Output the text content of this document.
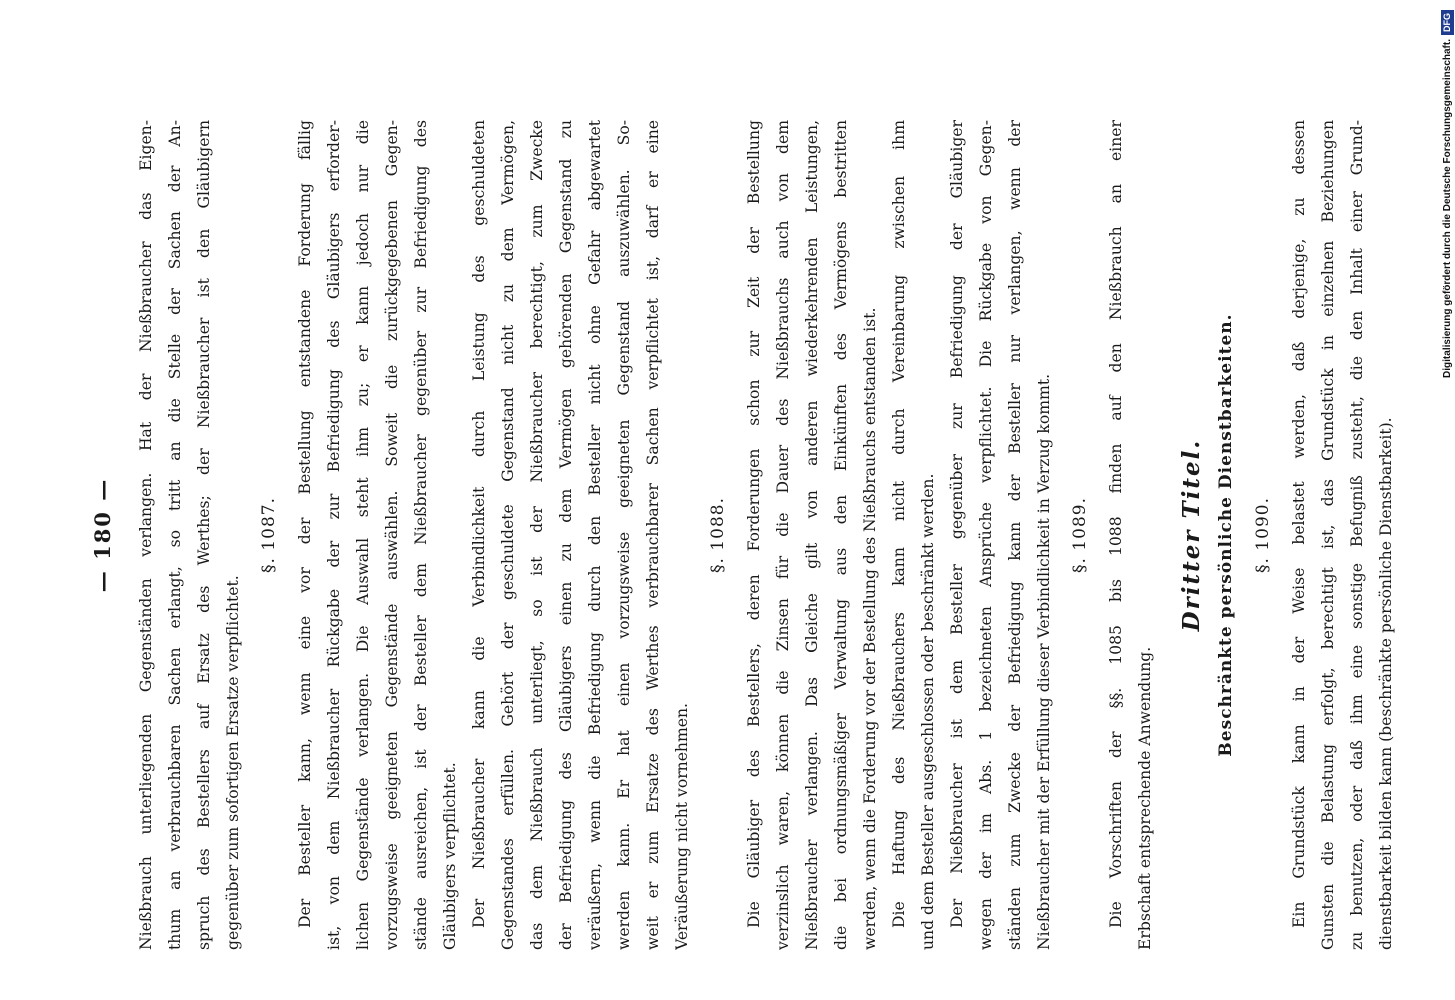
— 180 —	Nießbrauch unterliegenden Gegenständen verlangen. Hat der Nießbraucher das Eigen- thum an verbrauchbaren Sachen erlangt, so tritt an die Stelle der Sachen der An- spruch des Bestellers auf Ersatz des Werthes; der Nießbraucher ist den Gläubigern gegenüber zum sofortigen Ersatze verpflichtet.

§. 1087.	Der Besteller kann, wenn eine vor der Bestellung entstandene Forderung fällig ist, von dem Nießbraucher Rückgabe der zur Befriedigung des Gläubigers erforder- lichen Gegenstände verlangen. Die Auswahl steht ihm zu; er kann jedoch nur die vorzugsweise geeigneten Gegenstände auswählen. Soweit die zurückgegebenen Gegen- stände ausreichen, ist der Besteller dem Nießbraucher gegenüber zur Befriedigung des Gläubigers verpflichtet. Der Nießbraucher kann die Verbindlichkeit durch Leistung des geschuldeten Gegenstandes erfüllen. Gehört der geschuldete Gegenstand nicht zu dem Vermögen, das dem Nießbrauch unterliegt, so ist der Nießbraucher berechtigt, zum Zwecke der Befriedigung des Gläubigers einen zu dem Vermögen gehörenden Gegenstand zu veräußern, wenn die Befriedigung durch den Besteller nicht ohne Gefahr abgewartet werden kann. Er hat einen vorzugsweise geeigneten Gegenstand auszuwählen. So- weit er zum Ersatze des Werthes verbrauchbarer Sachen verpflichtet ist, darf er eine Veräußerung nicht vornehmen.

§. 1088.	Die Gläubiger des Bestellers, deren Forderungen schon zur Zeit der Bestellung verzinslich waren, können die Zinsen für die Dauer des Nießbrauchs auch von dem Nießbraucher verlangen. Das Gleiche gilt von anderen wiederkehrenden Leistungen, die bei ordnungsmäßiger Verwaltung aus den Einkünften des Vermögens bestritten werden, wenn die Forderung vor der Bestellung des Nießbrauchs entstanden ist. Die Haftung des Nießbrauchers kann nicht durch Vereinbarung zwischen ihm und dem Besteller ausgeschlossen oder beschränkt werden. Der Nießbraucher ist dem Besteller gegenüber zur Befriedigung der Gläubiger wegen der im Abs. 1 bezeichneten Ansprüche verpflichtet. Die Rückgabe von Gegen- ständen zum Zwecke der Befriedigung kann der Besteller nur verlangen, wenn der Nießbraucher mit der Erfüllung dieser Verbindlichkeit in Verzug kommt.	§. 1089.	Die Vorschriften der §§. 1085 bis 1088 finden auf den Nießbrauch an einer Erbschaft entsprechende Anwendung.

Dritter Titel. Beschränkte persönliche Dienstbarkeiten.	§. 1090.	Ein Grundstück kann in der Weise belastet werden, daß derjenige, zu dessen Gunsten die Belastung erfolgt, berechtigt ist, das Grundstück in einzelnen Beziehungen zu benutzen, oder daß ihm eine sonstige Befugniß zusteht, die den Inhalt einer Grund- dienstbarkeit bilden kann (beschränkte persönliche Dienstbarkeit).

Digitalisierung gefördert durch die Deutsche Forschungsgemeinschaft.
DFG
